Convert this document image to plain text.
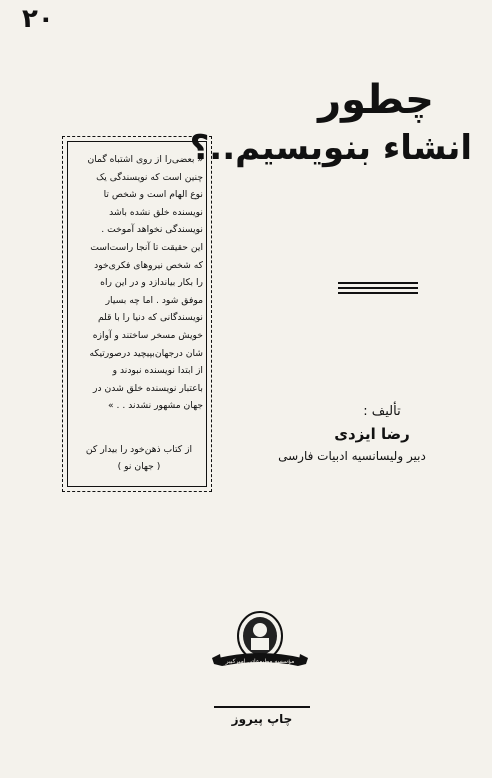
٢٠
چطور
انشاء بنویسیم..؟
« بعضی‌را از روی اشتباه گمان
چنین است که نویسندگی یک
نوع الهام است و شخص تا
نویسنده خلق نشده باشد
نویسندگی نخواهد آموخت .
این حقیقت تا آنجا راست‌است
که شخص نیروهای فکری‌خود
را بکار بیاندازد و در این راه
موفق شود . اما چه بسیار
نویسندگانی که دنیا را با قلم
خویش مسخر ساختند و آوازه
شان درجهان‌بپیچید درصورتیکه
از ابتدا نویسنده نبودند و
باعتبار نویسنده خلق شدن در
جهان مشهور نشدند . . »
از کتاب ذهن‌خود را بیدار کن
( جهان نو )
تألیف :
رضا ایزدی
دبیر ولیسانسیه ادبیات فارسی
مؤسسه مطبوعاتی امیرکبیر
چاپ پیروز
